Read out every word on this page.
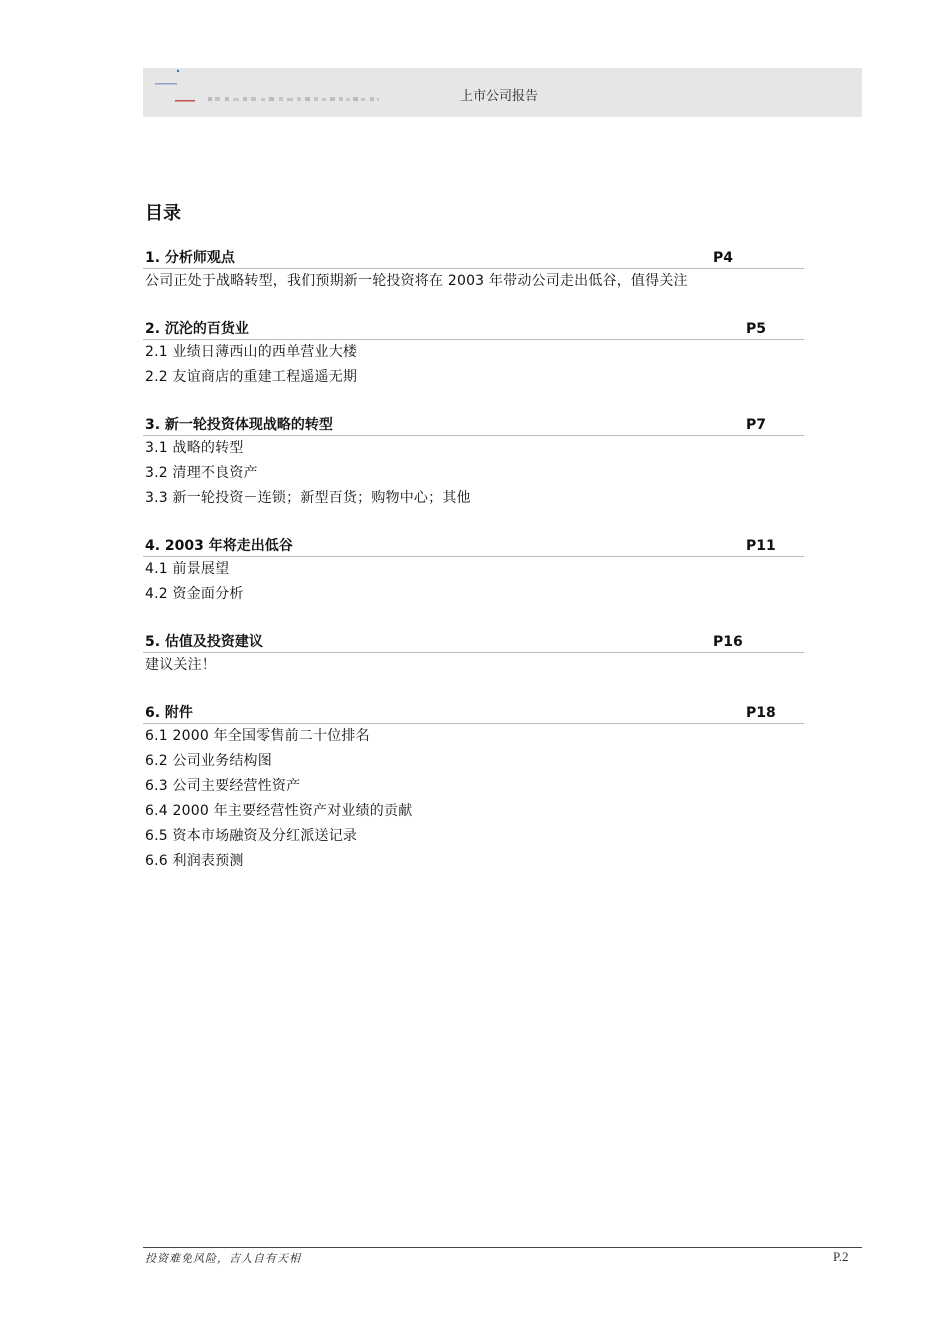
上市公司报告
目录
1. 分析师观点	P4
公司正处于战略转型，我们预期新一轮投资将在 2003 年带动公司走出低谷，值得关注
2. 沉沦的百货业	P5
2.1 业绩日薄西山的西单营业大楼
2.2 友谊商店的重建工程遥遥无期
3. 新一轮投资体现战略的转型	P7
3.1 战略的转型
3.2 清理不良资产
3.3 新一轮投资－连锁；新型百货；购物中心；其他
4. 2003 年将走出低谷	P11
4.1 前景展望
4.2 资金面分析
5. 估值及投资建议	P16
建议关注！
6. 附件	P18
6.1 2000 年全国零售前二十位排名
6.2 公司业务结构图
6.3 公司主要经营性资产
6.4 2000 年主要经营性资产对业绩的贡献
6.5 资本市场融资及分红派送记录
6.6 利润表预测
投资难免风险，吉人自有天相	P.2
